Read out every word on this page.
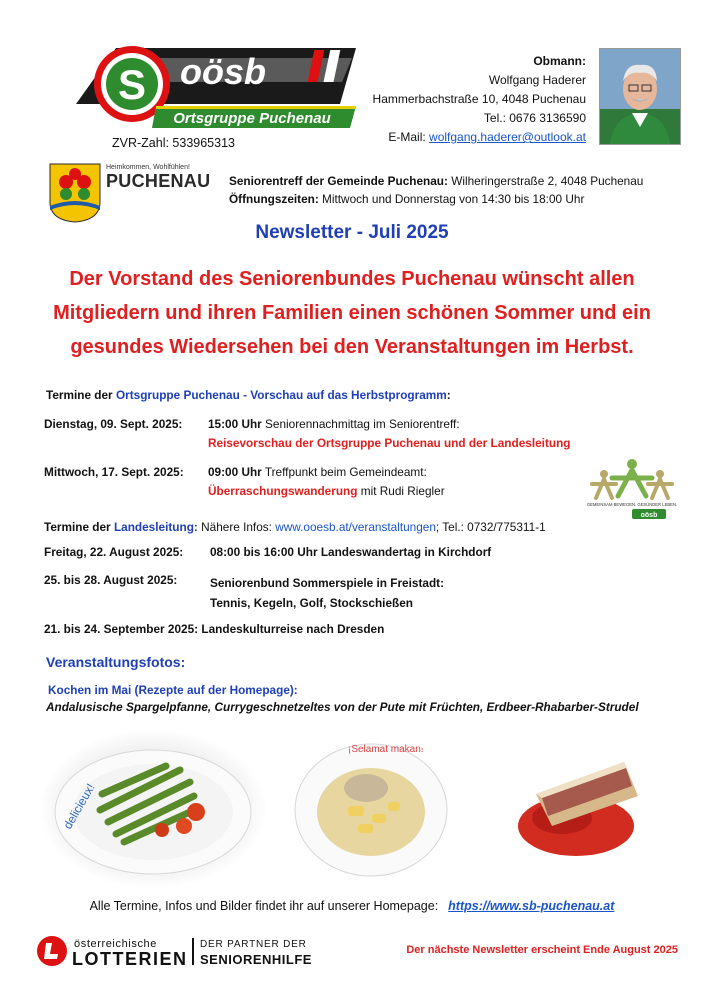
S oösb
Ortsgruppe Puchenau
ZVR-Zahl: 533965313
Obmann:
Wolfgang Haderer
Hammerbachstraße 10, 4048 Puchenau
Tel.: 0676 3136590
E-Mail: wolfgang.haderer@outlook.at
Heimkommen, Wohlfühlen!
PUCHENAU Seniorentreff der Gemeinde Puchenau: Wilheringerstraße 2, 4048 Puchenau
Öffnungszeiten: Mittwoch und Donnerstag von 14:30 bis 18:00 Uhr
Newsletter - Juli 2025
Der Vorstand des Seniorenbundes Puchenau wünscht allen
Mitgliedern und ihren Familien einen schönen Sommer und ein
gesundes Wiedersehen bei den Veranstaltungen im Herbst.
Termine der Ortsgruppe Puchenau - Vorschau auf das Herbstprogramm:
Dienstag, 09. Sept. 2025: 15:00 Uhr Seniorennachmittag im Seniorentreff:
Reisevorschau der Ortsgruppe Puchenau und der Landesleitung
Mittwoch, 17. Sept. 2025: 09:00 Uhr Treffpunkt beim Gemeindeamt:
Überraschungswanderung mit Rudi Riegler
GEMEINSAM BEWEGEN. GESÜNDER LEBEN.
oösb
Termine der Landesleitung: Nähere Infos: www.ooesb.at/veranstaltungen; Tel.: 0732/775311-1
Freitag, 22. August 2025: 08:00 bis 16:00 Uhr Landeswandertag in Kirchdorf
25. bis 28. August 2025:	Seniorenbund Sommerspiele in Freistadt:
Tennis, Kegeln, Golf, Stockschießen
21. bis 24. September 2025: Landeskulturreise nach Dresden
Veranstaltungsfotos:
Kochen im Mai (Rezepte auf der Homepage):
Andalusische Spargelpfanne, Currygeschnetzeltes von der Pute mit Früchten, Erdbeer-Rhabarber-Strudel
delicieux!
¡Selamat makan!
Alle Termine, Infos und Bilder findet ihr auf unserer Homepage: https://www.sb-puchenau.at
österreichische
LOTTERIEN
DER PARTNER DER
SENIORENHILFE
Der nächste Newsletter erscheint Ende August 2025
